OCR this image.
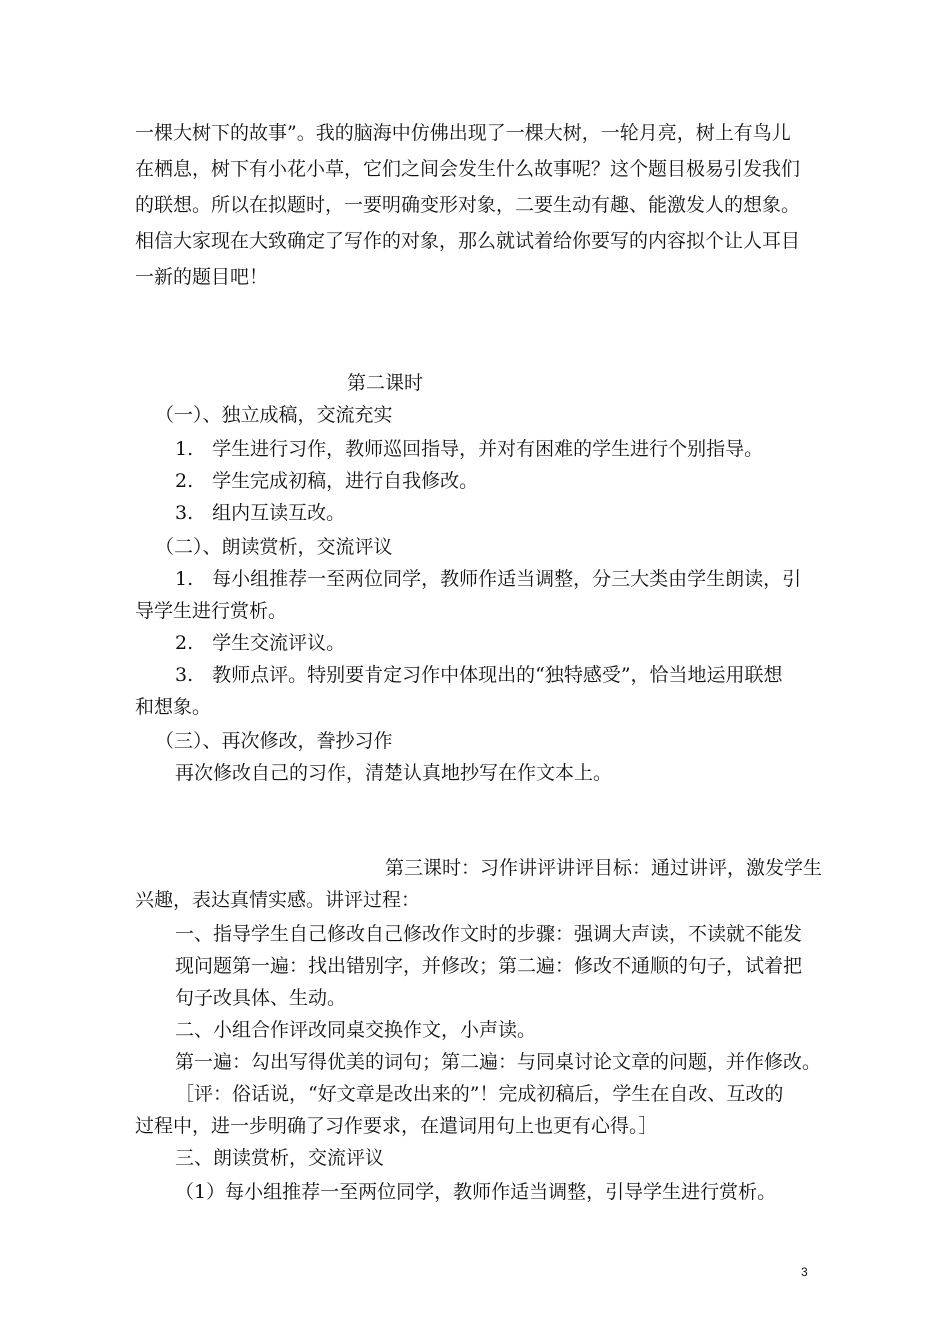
一棵大树下的故事”。我的脑海中仿佛出现了一棵大树，一轮月亮，树上有鸟儿
在栖息，树下有小花小草，它们之间会发生什么故事呢？这个题目极易引发我们
的联想。所以在拟题时，一要明确变形对象，二要生动有趣、能激发人的想象。
相信大家现在大致确定了写作的对象，那么就试着给你要写的内容拟个让人耳目
一新的题目吧！
第二课时
（一）、独立成稿，交流充实
1.　学生进行习作，教师巡回指导，并对有困难的学生进行个别指导。
2.　学生完成初稿，进行自我修改。
3.　组内互读互改。
（二）、朗读赏析，交流评议
1.　每小组推荐一至两位同学，教师作适当调整，分三大类由学生朗读，引
导学生进行赏析。
2.　学生交流评议。
3.　教师点评。特别要肯定习作中体现出的“独特感受”，恰当地运用联想
和想象。
（三）、再次修改，誊抄习作
再次修改自己的习作，清楚认真地抄写在作文本上。
第三课时：习作讲评讲评目标：通过讲评，激发学生
兴趣，表达真情实感。讲评过程：
一、指导学生自己修改自己修改作文时的步骤：强调大声读，不读就不能发
现问题第一遍：找出错别字，并修改；第二遍：修改不通顺的句子，试着把
句子改具体、生动。
二、小组合作评改同桌交换作文，小声读。
第一遍：勾出写得优美的词句；第二遍：与同桌讨论文章的问题，并作修改。
［评：俗话说，“好文章是改出来的”！完成初稿后，学生在自改、互改的
过程中，进一步明确了习作要求，在遣词用句上也更有心得。］
三、朗读赏析，交流评议
（1）每小组推荐一至两位同学，教师作适当调整，引导学生进行赏析。
3
